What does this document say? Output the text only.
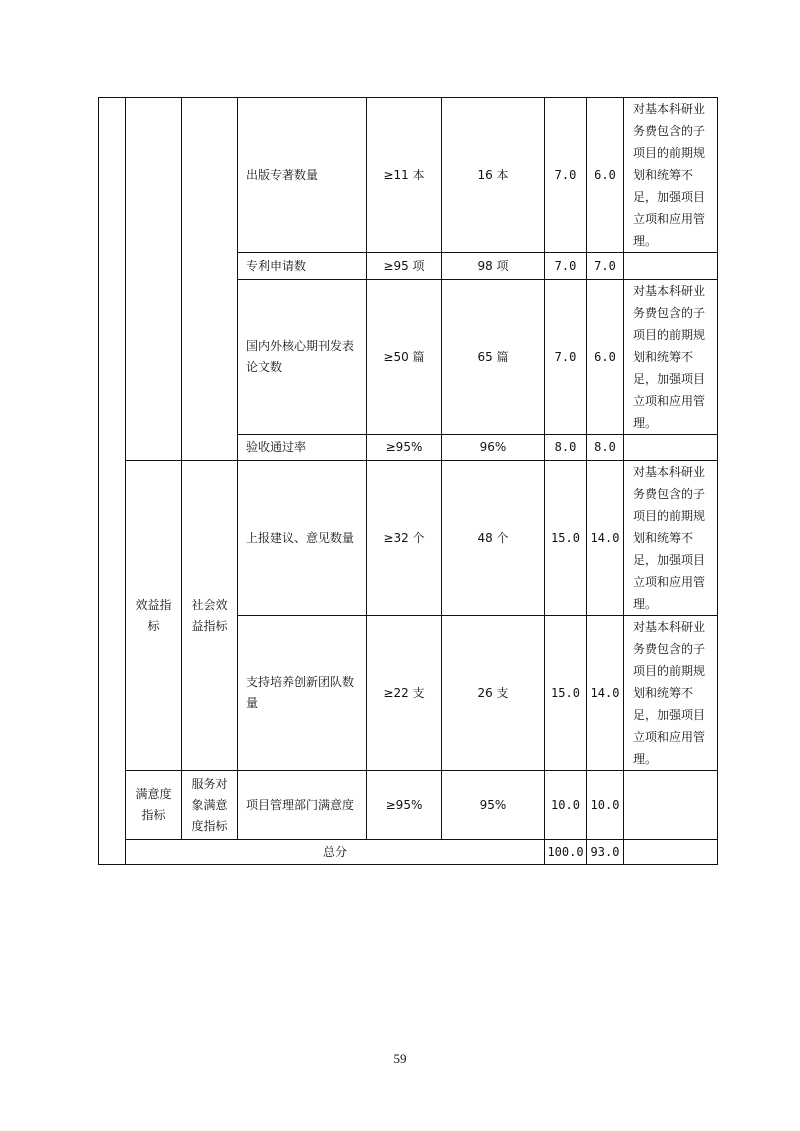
			出版专著数量	≥11 本	16 本	7.0	6.0	对基本科研业务费包含的子项目的前期规划和统筹不足，加强项目立项和应用管理。
			专利申请数	≥95 项	98 项	7.0	7.0	
			国内外核心期刊发表论文数	≥50 篇	65 篇	7.0	6.0	对基本科研业务费包含的子项目的前期规划和统筹不足，加强项目立项和应用管理。
			验收通过率	≥95%	96%	8.0	8.0	
	效益指标	社会效益指标	上报建议、意见数量	≥32 个	48 个	15.0	14.0	对基本科研业务费包含的子项目的前期规划和统筹不足，加强项目立项和应用管理。
			支持培养创新团队数量	≥22 支	26 支	15.0	14.0	对基本科研业务费包含的子项目的前期规划和统筹不足，加强项目立项和应用管理。
	满意度指标	服务对象满意度指标	项目管理部门满意度	≥95%	95%	10.0	10.0	
	总分					100.0	93.0	
59
